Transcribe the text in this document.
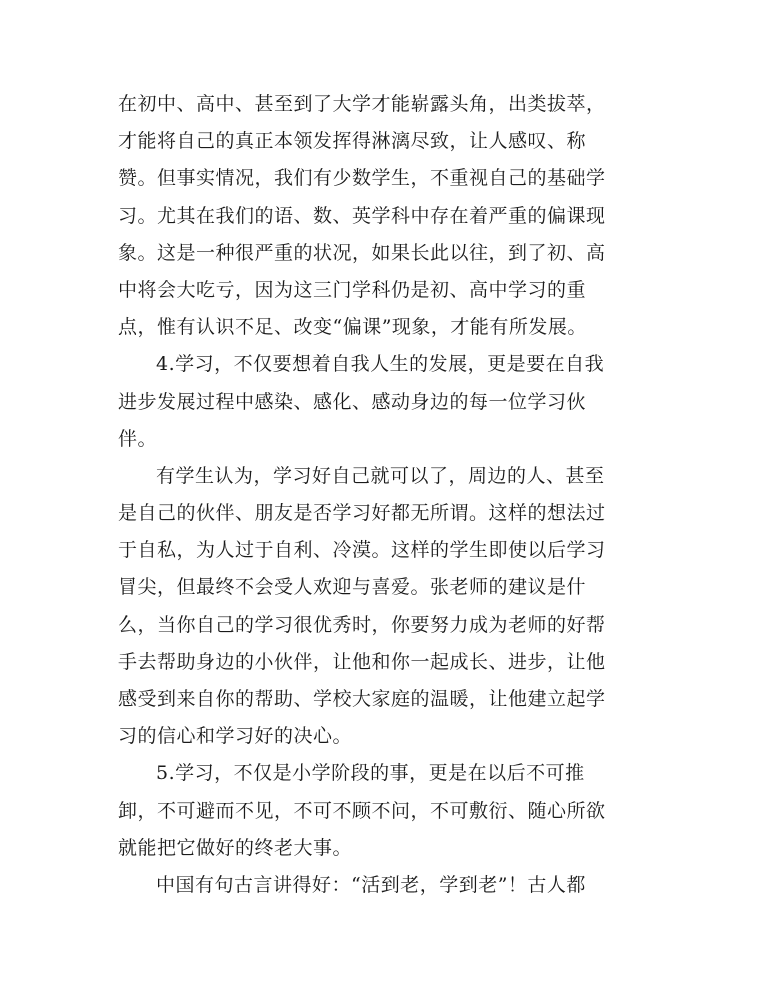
在初中、高中、甚至到了大学才能崭露头角，出类拔萃，
才能将自己的真正本领发挥得淋漓尽致，让人感叹、称
赞。但事实情况，我们有少数学生，不重视自己的基础学
习。尤其在我们的语、数、英学科中存在着严重的偏课现
象。这是一种很严重的状况，如果长此以往，到了初、高
中将会大吃亏，因为这三门学科仍是初、高中学习的重
点，惟有认识不足、改变“偏课”现象，才能有所发展。
4.学习，不仅要想着自我人生的发展，更是要在自我
进步发展过程中感染、感化、感动身边的每一位学习伙
伴。
有学生认为，学习好自己就可以了，周边的人、甚至
是自己的伙伴、朋友是否学习好都无所谓。这样的想法过
于自私，为人过于自利、冷漠。这样的学生即使以后学习
冒尖，但最终不会受人欢迎与喜爱。张老师的建议是什
么，当你自己的学习很优秀时，你要努力成为老师的好帮
手去帮助身边的小伙伴，让他和你一起成长、进步，让他
感受到来自你的帮助、学校大家庭的温暖，让他建立起学
习的信心和学习好的决心。
5.学习，不仅是小学阶段的事，更是在以后不可推
卸，不可避而不见，不可不顾不问，不可敷衍、随心所欲
就能把它做好的终老大事。
中国有句古言讲得好：“活到老，学到老”！古人都
